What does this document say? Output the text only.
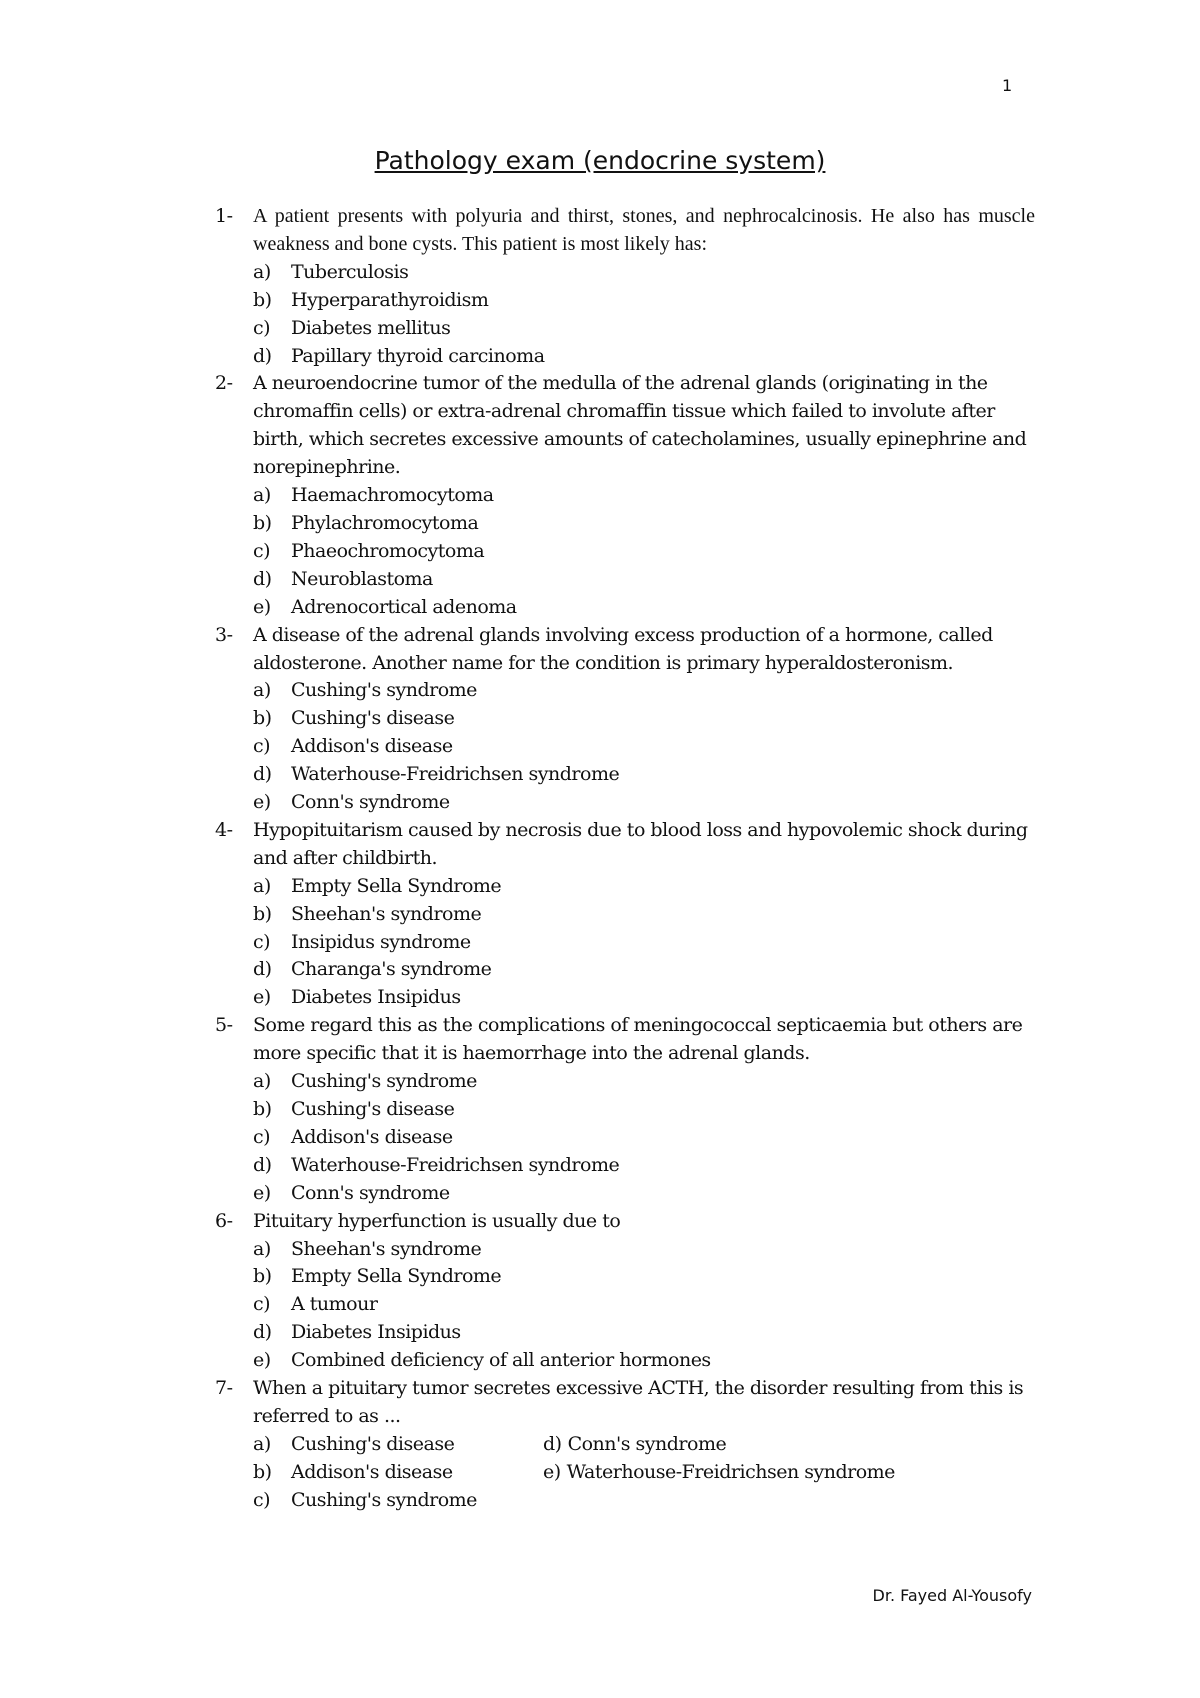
1
Pathology exam (endocrine system)
1-	A patient presents with polyuria and thirst, stones, and nephrocalcinosis. He also has muscle weakness and bone cysts. This patient is most likely has:
a)	Tuberculosis
b)	Hyperparathyroidism
c)	Diabetes mellitus
d)	Papillary thyroid carcinoma
2-	A neuroendocrine tumor of the medulla of the adrenal glands (originating in the chromaffin cells) or extra-adrenal chromaffin tissue which failed to involute after birth, which secretes excessive amounts of catecholamines, usually epinephrine and norepinephrine.
a)	Haemachromocytoma
b)	Phylachromocytoma
c)	Phaeochromocytoma
d)	Neuroblastoma
e)	Adrenocortical adenoma
3-	A disease of the adrenal glands involving excess production of a hormone, called aldosterone. Another name for the condition is primary hyperaldosteronism.
a)	Cushing's syndrome
b)	Cushing's disease
c)	Addison's disease
d)	Waterhouse-Freidrichsen syndrome
e)	Conn's syndrome
4-	Hypopituitarism caused by necrosis due to blood loss and hypovolemic shock during and after childbirth.
a)	Empty Sella Syndrome
b)	Sheehan's syndrome
c)	Insipidus syndrome
d)	Charanga's syndrome
e)	Diabetes Insipidus
5-	Some regard this as the complications of meningococcal septicaemia but others are more specific that it is haemorrhage into the adrenal glands.
a)	Cushing's syndrome
b)	Cushing's disease
c)	Addison's disease
d)	Waterhouse-Freidrichsen syndrome
e)	Conn's syndrome
6-	Pituitary hyperfunction is usually due to
a)	Sheehan's syndrome
b)	Empty Sella Syndrome
c)	A tumour
d)	Diabetes Insipidus
e)	Combined deficiency of all anterior hormones
7-	When a pituitary tumor secretes excessive ACTH, the disorder resulting from this is referred to as ...
a)	Cushing's disease	d) Conn's syndrome
b)	Addison's disease	e) Waterhouse-Freidrichsen syndrome
c)	Cushing's syndrome
Dr. Fayed Al-Yousofy
